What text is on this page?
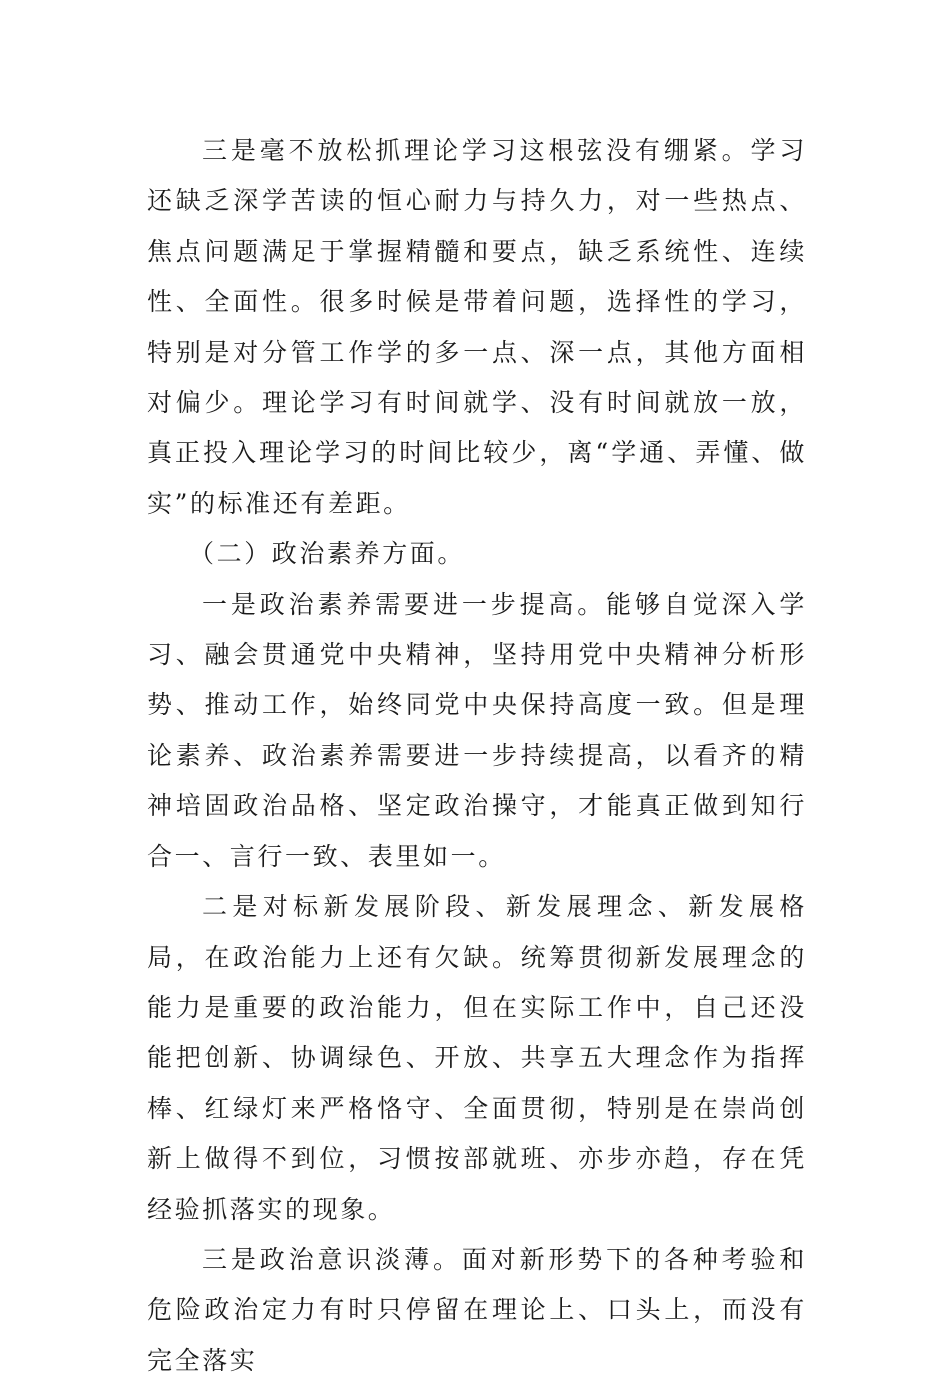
三是毫不放松抓理论学习这根弦没有绷紧。学习还缺乏深学苦读的恒心耐力与持久力，对一些热点、焦点问题满足于掌握精髓和要点，缺乏系统性、连续性、全面性。很多时候是带着问题，选择性的学习，特别是对分管工作学的多一点、深一点，其他方面相对偏少。理论学习有时间就学、没有时间就放一放，真正投入理论学习的时间比较少，离“学通、弄懂、做实”的标准还有差距。

（二）政治素养方面。

一是政治素养需要进一步提高。能够自觉深入学习、融会贯通党中央精神，坚持用党中央精神分析形势、推动工作，始终同党中央保持高度一致。但是理论素养、政治素养需要进一步持续提高，以看齐的精神培固政治品格、坚定政治操守，才能真正做到知行合一、言行一致、表里如一。

二是对标新发展阶段、新发展理念、新发展格局，在政治能力上还有欠缺。统筹贯彻新发展理念的能力是重要的政治能力，但在实际工作中，自己还没能把创新、协调绿色、开放、共享五大理念作为指挥棒、红绿灯来严格恪守、全面贯彻，特别是在崇尚创新上做得不到位，习惯按部就班、亦步亦趋，存在凭经验抓落实的现象。

三是政治意识淡薄。面对新形势下的各种考验和危险政治定力有时只停留在理论上、口头上，而没有完全落实
